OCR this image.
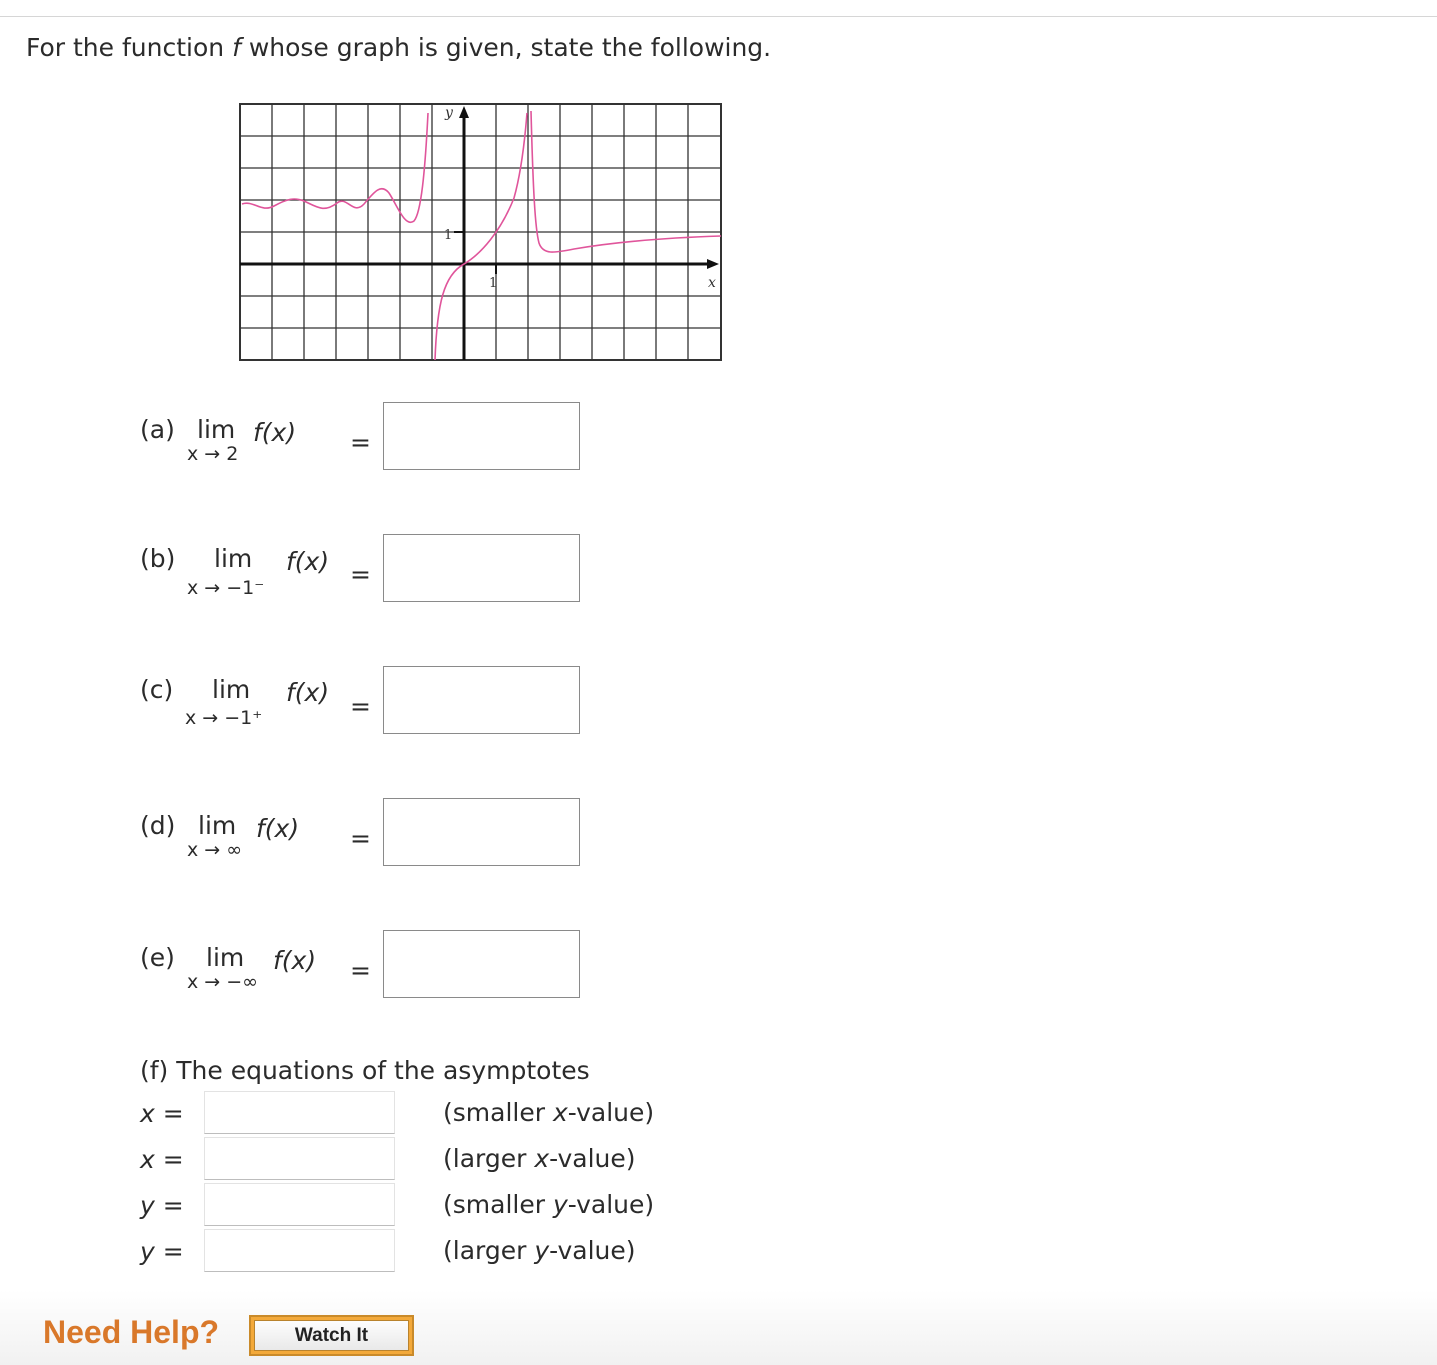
For the function f whose graph is given, state the following.
y
x
1
1
(a) lim
x → 2
f(x) =
(b) lim
x → −1⁻
f(x) =
(c) lim
x → −1⁺
f(x) =
(d) lim
x → ∞
f(x) =
(e) lim
x → −∞
f(x) =
(f) The equations of the asymptotes
x =	(smaller x-value)
x =	(larger x-value)
y =	(smaller y-value)
y =	(larger y-value)
Need Help?	Watch It
